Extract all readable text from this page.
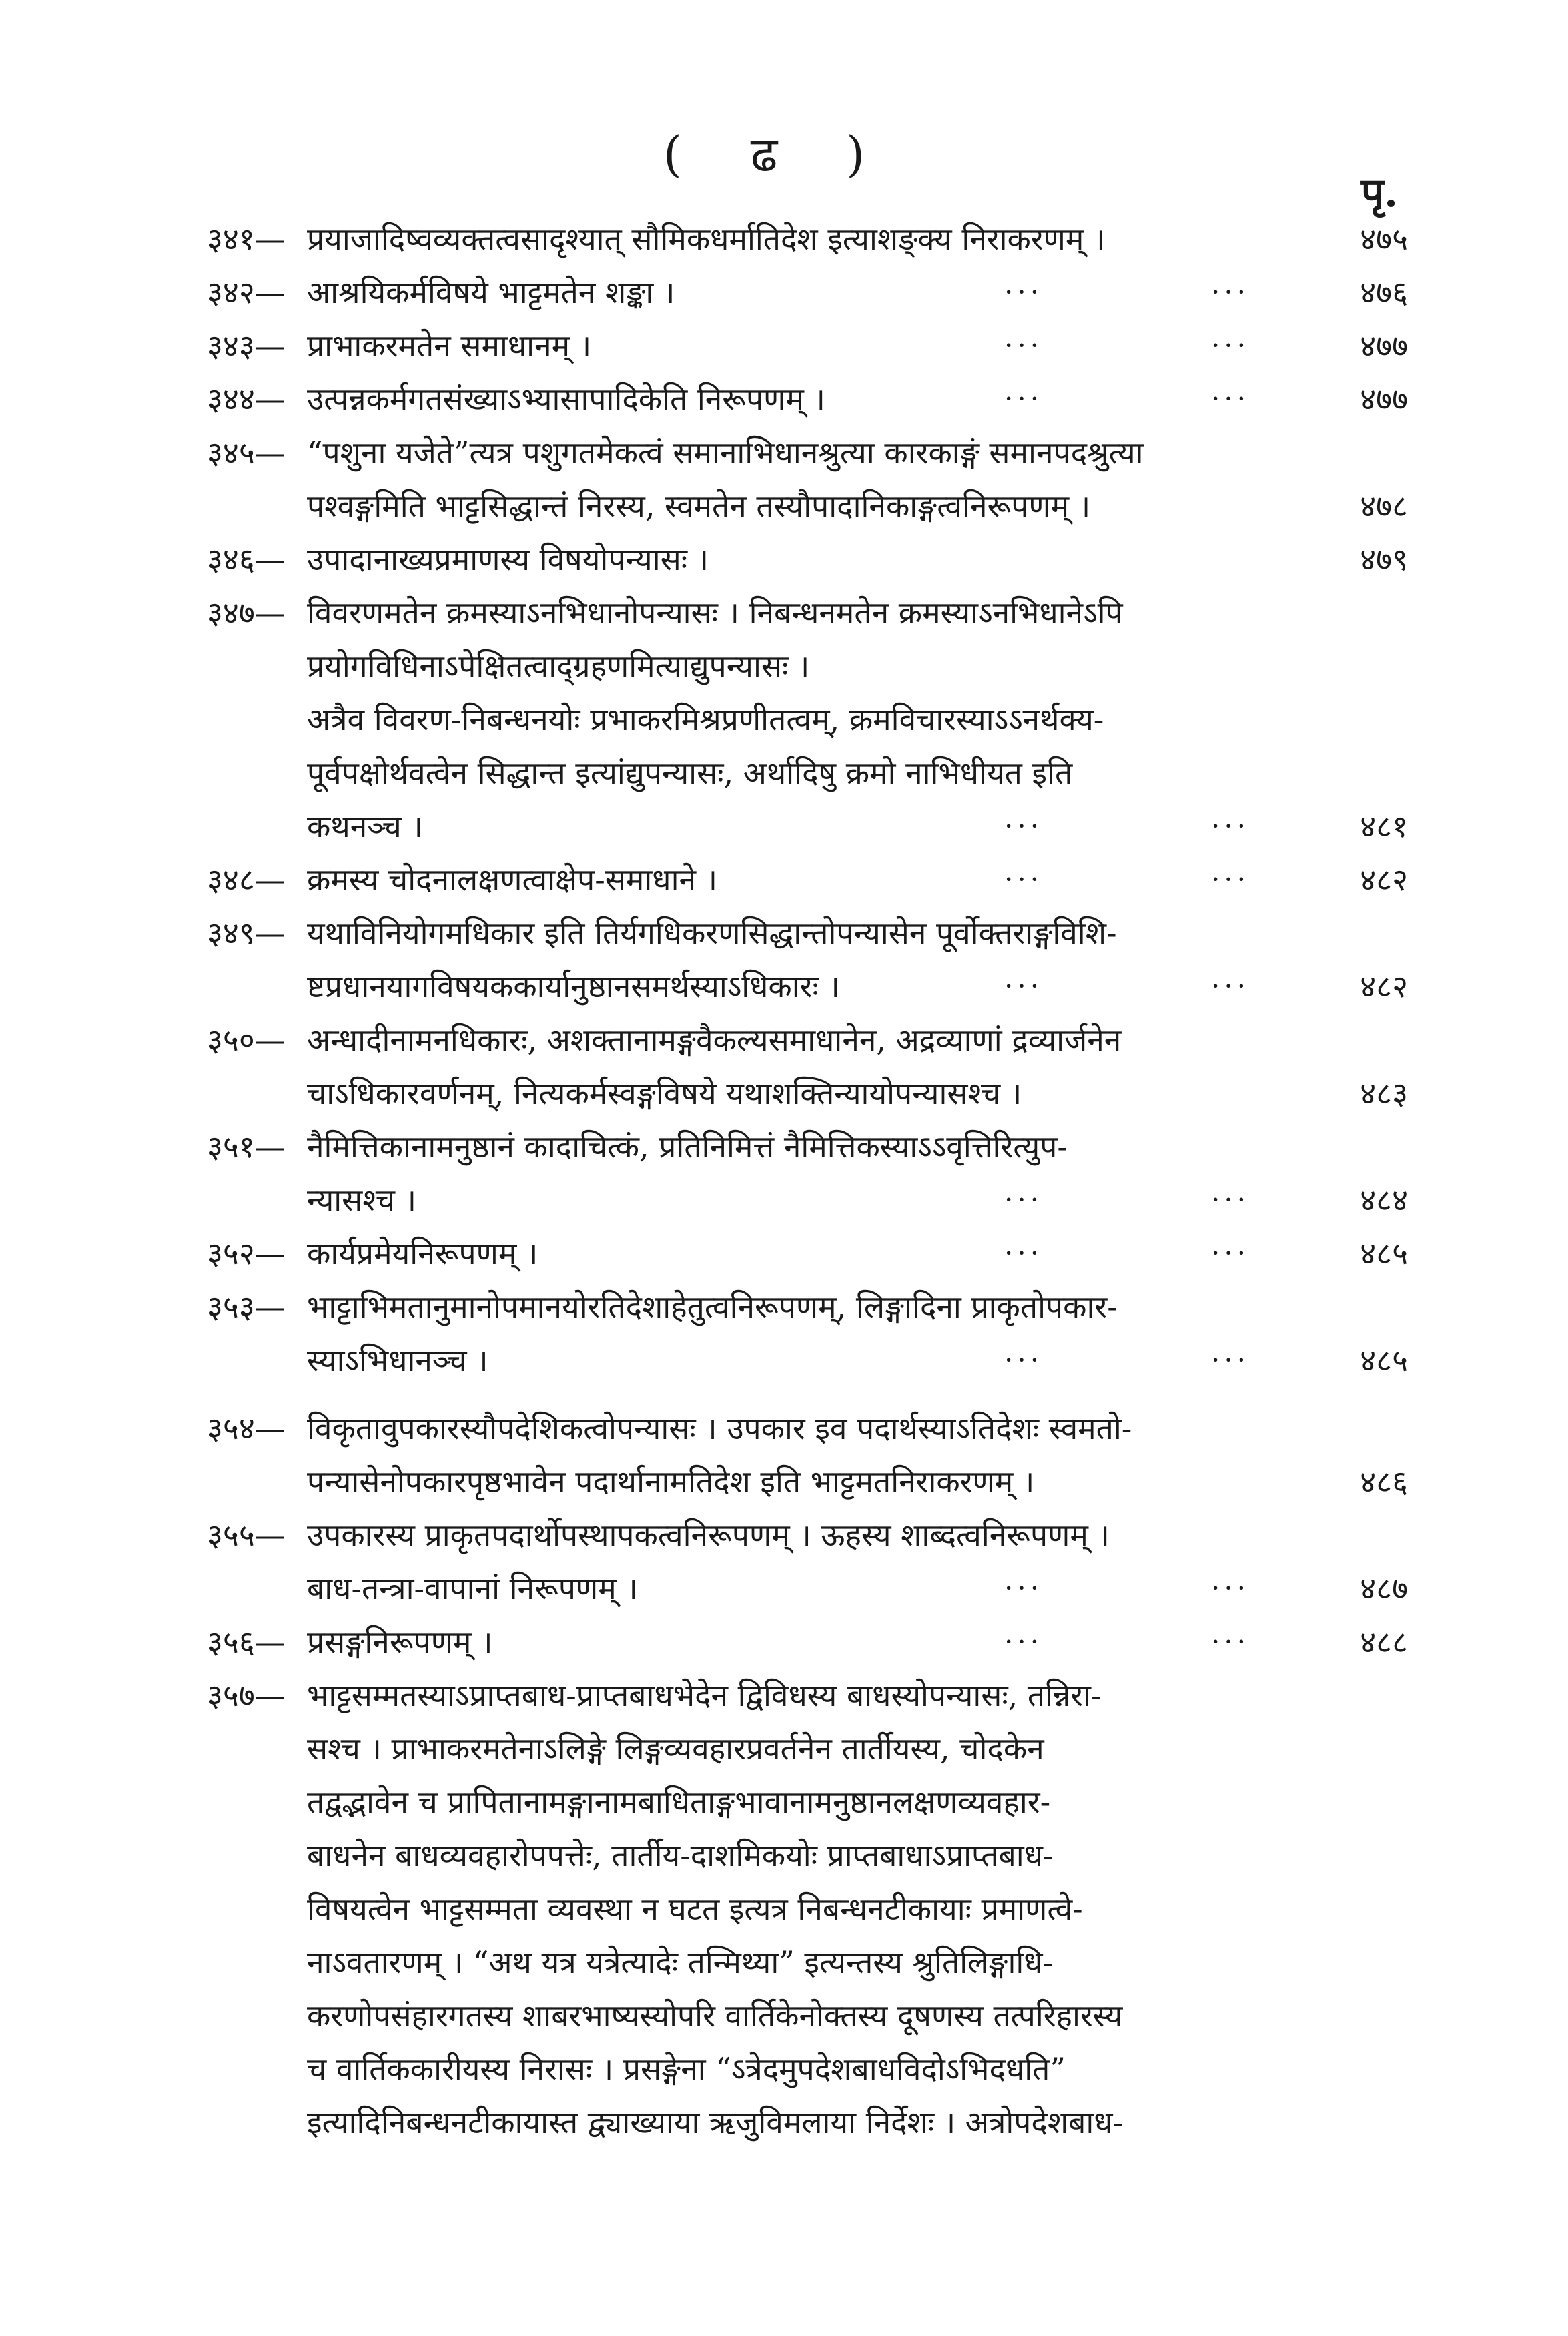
( ढ )
पृ.
३४१— प्रयाजादिष्वव्यक्तत्वसादृश्यात् सौमिकधर्मातिदेश इत्याशङ्क्य निराकरणम् ।	४७५
३४२— आश्रयिकर्मविषये भाट्टमतेन शङ्का ।	···	···	४७६
३४३— प्राभाकरमतेन समाधानम् ।	···	···	४७७
३४४— उत्पन्नकर्मगतसंख्याऽभ्यासापादिकेति निरूपणम् ।	···	···	४७७
३४५— “पशुना यजेते”त्यत्र पशुगतमेकत्वं समानाभिधानश्रुत्या कारकाङ्गं समानपदश्रुत्या
पश्वङ्गमिति भाट्टसिद्धान्तं निरस्य, स्वमतेन तस्यौपादानिकाङ्गत्वनिरूपणम् ।	४७८
३४६— उपादानाख्यप्रमाणस्य विषयोपन्यासः ।	४७९
३४७— विवरणमतेन क्रमस्याऽनभिधानोपन्यासः । निबन्धनमतेन क्रमस्याऽनभिधानेऽपि
प्रयोगविधिनाऽपेक्षितत्वाद्ग्रहणमित्याद्युपन्यासः ।
अत्रैव विवरण-निबन्धनयोः प्रभाकरमिश्रप्रणीतत्वम्, क्रमविचारस्याऽऽनर्थक्य-
पूर्वपक्षोर्थवत्वेन सिद्धान्त इत्यांद्युपन्यासः, अर्थादिषु क्रमो नाभिधीयत इति
कथनञ्च ।	···	···	४८१
३४८— क्रमस्य चोदनालक्षणत्वाक्षेप-समाधाने ।	···	···	४८२
३४९— यथाविनियोगमधिकार इति तिर्यगधिकरणसिद्धान्तोपन्यासेन पूर्वोक्तराङ्गविशि-
ष्टप्रधानयागविषयककार्यानुष्ठानसमर्थस्याऽधिकारः ।	···	···	४८२
३५०— अन्धादीनामनधिकारः, अशक्तानामङ्गवैकल्यसमाधानेन, अद्रव्याणां द्रव्यार्जनेन
चाऽधिकारवर्णनम्, नित्यकर्मस्वङ्गविषये यथाशक्तिन्यायोपन्यासश्च ।	४८३
३५१— नैमित्तिकानामनुष्ठानं कादाचित्कं, प्रतिनिमित्तं नैमित्तिकस्याऽऽवृत्तिरित्युप-
न्यासश्च ।	···	···	४८४
३५२— कार्यप्रमेयनिरूपणम् ।	···	···	४८५
३५३— भाट्टाभिमतानुमानोपमानयोरतिदेशाहेतुत्वनिरूपणम्, लिङ्गादिना प्राकृतोपकार-
स्याऽभिधानञ्च ।	···	···	४८५
३५४— विकृतावुपकारस्यौपदेशिकत्वोपन्यासः । उपकार इव पदार्थस्याऽतिदेशः स्वमतो-
पन्यासेनोपकारपृष्ठभावेन पदार्थानामतिदेश इति भाट्टमतनिराकरणम् ।	४८६
३५५— उपकारस्य प्राकृतपदार्थोपस्थापकत्वनिरूपणम् । ऊहस्य शाब्दत्वनिरूपणम् ।
बाध-तन्त्रा-वापानां निरूपणम् ।	···	···	४८७
३५६— प्रसङ्गनिरूपणम् ।	···	···	४८८
३५७— भाट्टसम्मतस्याऽप्राप्तबाध-प्राप्तबाधभेदेन द्विविधस्य बाधस्योपन्यासः, तन्निरा-
सश्च । प्राभाकरमतेनाऽलिङ्गे लिङ्गव्यवहारप्रवर्तनेन तार्तीयस्य, चोदकेन
तद्वद्भावेन च प्रापितानामङ्गानामबाधिताङ्गभावानामनुष्ठानलक्षणव्यवहार-
बाधनेन बाधव्यवहारोपपत्तेः, तार्तीय-दाशमिकयोः प्राप्तबाधाऽप्राप्तबाध-
विषयत्वेन भाट्टसम्मता व्यवस्था न घटत इत्यत्र निबन्धनटीकायाः प्रमाणत्वे-
नाऽवतारणम् । “अथ यत्र यत्रेत्यादेः तन्मिथ्या” इत्यन्तस्य श्रुतिलिङ्गाधि-
करणोपसंहारगतस्य शाबरभाष्यस्योपरि वार्तिकेनोक्तस्य दूषणस्य तत्परिहारस्य
च वार्तिककारीयस्य निरासः । प्रसङ्गेना “ऽत्रेदमुपदेशबाधविदोऽभिदधति”
इत्यादिनिबन्धनटीकायास्त द्व्याख्याया ऋजुविमलाया निर्देशः । अत्रोपदेशबाध-
